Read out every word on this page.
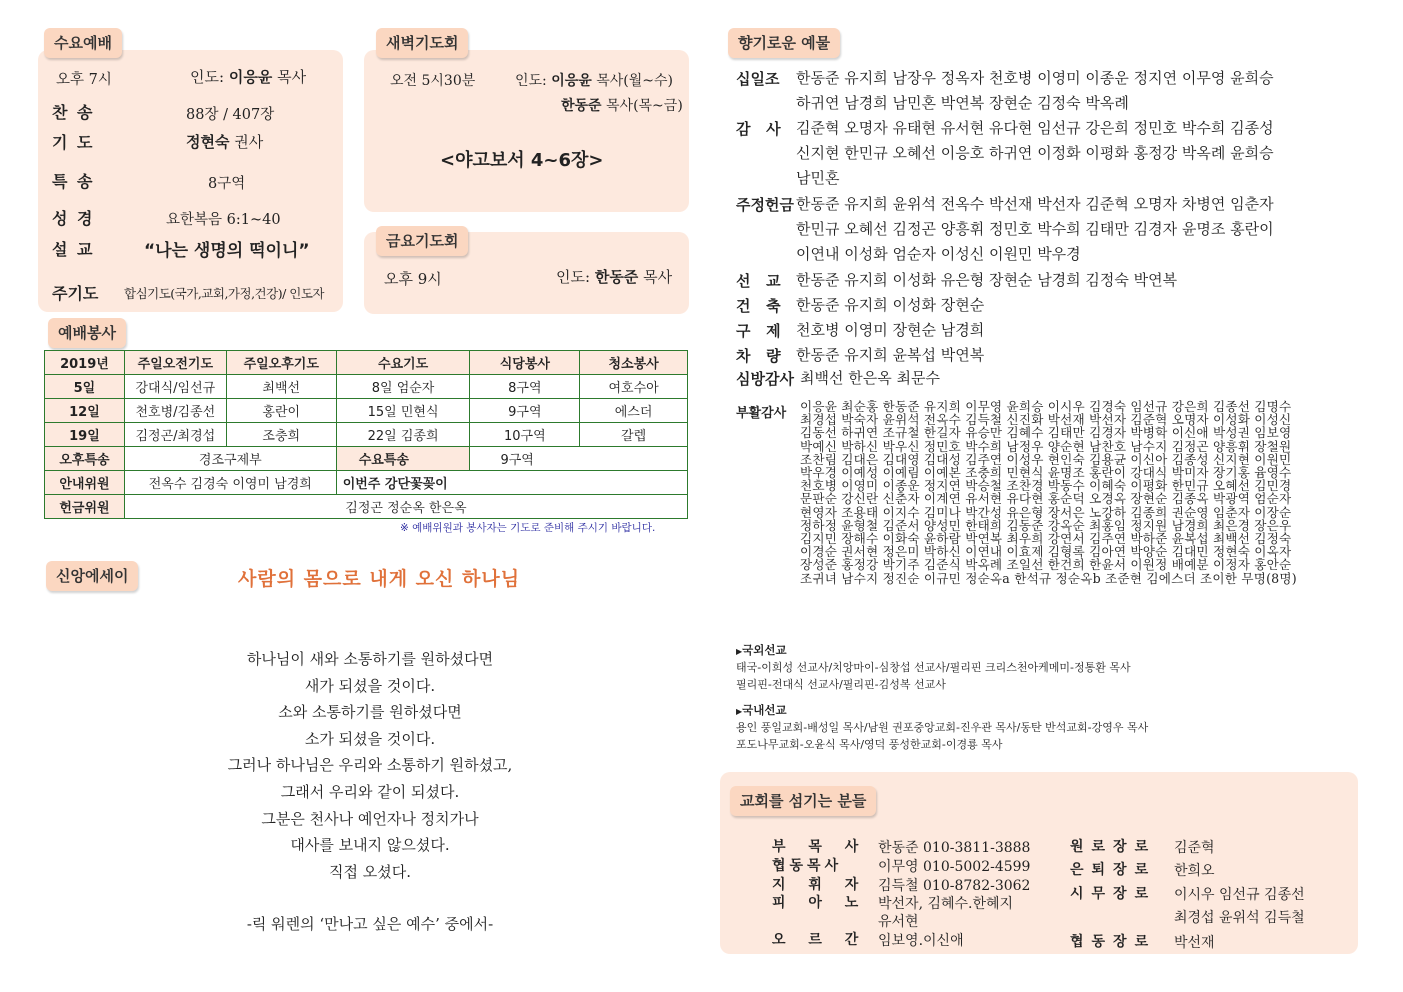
수요예배
오후 7시	인도: 이응윤 목사
찬 송	88장 / 407장
기 도	정현숙 권사
특 송	8구역
성 경	요한복음 6:1~40
설 교	“나는 생명의 떡이니”
주기도 합심기도(국가,교회,가정,건강)/ 인도자
새벽기도회
오전 5시30분	인도: 이응윤 목사(월~수)
한동준 목사(목~금)
<야고보서 4~6장>
금요기도회
오후 9시	인도: 한동준 목사
예배봉사
2019년	주일오전기도	주일오후기도	수요기도	식당봉사	청소봉사
5일	강대식/임선규	최백선	8일 엄순자	8구역	여호수아
12일	천호병/김종선	홍란이	15일 민현식	9구역	에스더
19일	김정곤/최경섭	조충희	22일 김종희	10구역	갈렙
오후특송	경조구제부		수요특송	9구역	
안내위원	전옥수 김경숙 이영미 남경희		이번주 강단꽃꽂이		
헌금위원	김정곤 정순옥 한은옥				
※ 예배위원과 봉사자는 기도로 준비해 주시기 바랍니다.
신앙에세이	사람의 몸으로 내게 오신 하나님
하나님이 새와 소통하기를 원하셨다면
새가 되셨을 것이다.
소와 소통하기를 원하셨다면
소가 되셨을 것이다.
그러나 하나님은 우리와 소통하기 원하셨고,
그래서 우리와 같이 되셨다.
그분은 천사나 예언자나 정치가나
대사를 보내지 않으셨다.
직접 오셨다.
-릭 워렌의 ‘만나고 싶은 예수’ 중에서-
향기로운 예물
십일조 한동준 유지희 남장우 정옥자 천호병 이영미 이종운 정지연 이무영 윤희승
하귀연 남경희 남민혼 박연복 장현순 김정숙 박옥례
감   사 김준혁 오명자 유태현 유서현 유다현 임선규 강은희 정민호 박수희 김종성
신지현 한민규 오혜선 이응호 하귀연 이정화 이평화 홍정강 박옥례 윤희승
남민혼
주정헌금 한동준 유지희 윤위석 전옥수 박선재 박선자 김준혁 오명자 차병연 임춘자
한민규 오혜선 김정곤 양흥휘 정민호 박수희 김태만 김경자 윤명조 홍란이
이연내 이성화 엄순자 이성신 이원민 박우경
선   교 한동준 유지희 이성화 유은형 장현순 남경희 김정숙 박연복
건   축 한동준 유지희 이성화 장현순
구   제 천호병 이영미 장현순 남경희
차   량 한동준 유지희 윤복섭 박연복
심방감사 최백선 한은옥 최문수
부활감사 이응윤 최순홍 한동준 유지희 이무영 윤희승 이시우 김경숙 임선규 강은희 김종선 김명수
최경섭 박숙자 윤위석 전옥수 김득철 신진화 박선재 박선자 김준혁 오명자 이성화 이성신
김동선 하귀연 조규철 한길자 유승만 김혜수 김태만 김경자 박병학 이신애 박성권 임보영
박예신 박하신 박우신 정민호 박수희 남정우 양순현 남찬호 남수지 김정곤 양흥휘 장철원
조찬림 김대은 김대영 김대성 김주연 이성우 현인숙 김용균 이신아 김종성 신지현 이원민
박우경 이예성 이예림 이예본 조충희 민현식 윤명조 홍란이 강대식 박미자 장기홍 윰영수
천호병 이영미 이종운 정지연 박승철 조찬경 박동수 이혜숙 이평화 한민규 오혜선 김민경
문판순 강신란 신춘자 이계연 유서현 유다현 홍순덕 오경옥 장현순 김종옥 박광역 엄순자
현영자 조용태 이지수 김미나 박간성 유은형 장서은 노강하 김종희 권순영 임춘자 이장순
정하정 윤형철 김준서 양성민 한태희 김동준 강옥순 최홍임 정지원 남경희 최은경 장은우
김지민 장해수 이화숙 윤하람 박연복 최우희 강연서 김주연 박하준 윤복섭 최백선 김정숙
이경순 권서현 정은미 박하신 이연내 이효제 김형록 김아연 박양순 김대민 정현숙 이옥자
장성준 홍정강 박기주 김준식 박옥례 조일선 한건희 한윤서 이원정 배예분 이정자 홍안순
조귀녀 남수지 정진순 이규민 정순옥a 한석규 정순옥b 조준현 김에스더 조이한 무명(8명)
▶국외선교
태국-이희성 선교사/치앙마이-심창섭 선교사/필리핀 크리스천아케메미-정통환 목사
필리핀-전대식 선교사/필리핀-김성복 선교사
▶국내선교
용인 풍일교회-배성일 목사/남원 권포중앙교회-진우관 목사/동탄 반석교회-강영우 목사
포도나무교회-오윤식 목사/영덕 풍성한교회-이경룡 목사
교회를 섬기는 분들
부 목 사 한동준 010-3811-3888
협동목사	이무영 010-5002-4599
지 휘 자 김득철 010-8782-3062
피 아 노 박선자, 김혜수.한혜지
유서현
오 르 간 임보영.이신애
원로장로 김준혁
은퇴장로 한희오
시무장로 이시우 임선규 김종선
최경섭 윤위석 김득철
협동장로 박선재
